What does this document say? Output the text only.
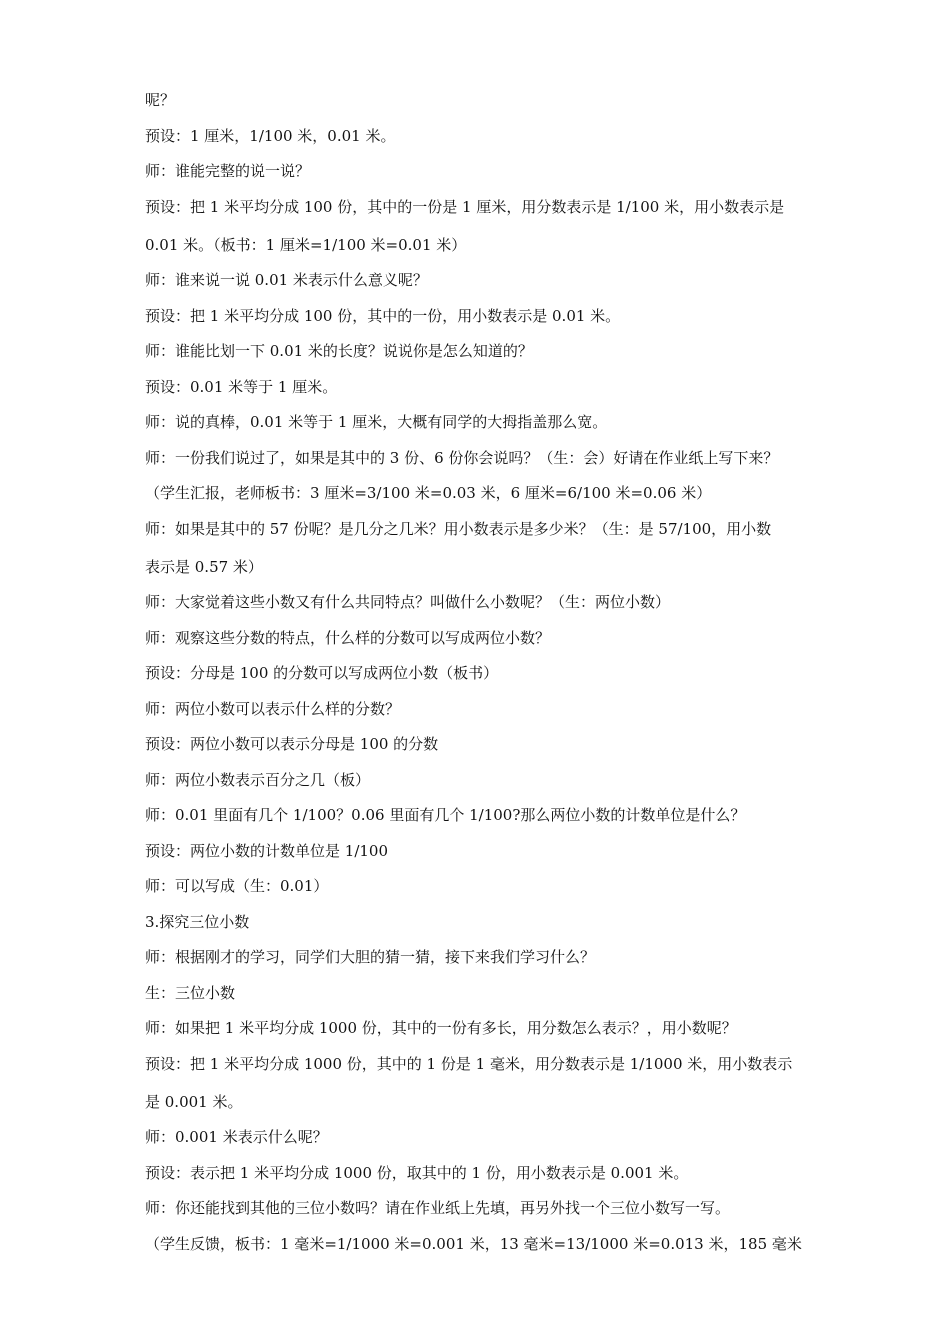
呢？
预设：1 厘米，1/100 米，0.01 米。
师：谁能完整的说一说？
预设：把 1 米平均分成 100 份，其中的一份是 1 厘米，用分数表示是 1/100 米，用小数表示是
0.01 米。（板书：1 厘米=1/100 米=0.01 米）
师：谁来说一说 0.01 米表示什么意义呢？
预设：把 1 米平均分成 100 份，其中的一份，用小数表示是 0.01 米。
师：谁能比划一下 0.01 米的长度？说说你是怎么知道的？
预设：0.01 米等于 1 厘米。
师：说的真棒，0.01 米等于 1 厘米，大概有同学的大拇指盖那么宽。
师：一份我们说过了，如果是其中的 3 份、6 份你会说吗？（生：会）好请在作业纸上写下来？
（学生汇报，老师板书：3 厘米=3/100 米=0.03 米，6 厘米=6/100 米=0.06 米）
师：如果是其中的 57 份呢？是几分之几米？用小数表示是多少米？（生：是 57/100，用小数
表示是 0.57 米）
师：大家觉着这些小数又有什么共同特点？叫做什么小数呢？（生：两位小数）
师：观察这些分数的特点，什么样的分数可以写成两位小数？
预设：分母是 100 的分数可以写成两位小数（板书）
师：两位小数可以表示什么样的分数？
预设：两位小数可以表示分母是 100 的分数
师：两位小数表示百分之几（板）
师：0.01 里面有几个 1/100？0.06 里面有几个 1/100?那么两位小数的计数单位是什么？
预设：两位小数的计数单位是 1/100
师：可以写成（生：0.01）
3.探究三位小数
师：根据刚才的学习，同学们大胆的猜一猜，接下来我们学习什么？
生：三位小数
师：如果把 1 米平均分成 1000 份，其中的一份有多长，用分数怎么表示？，用小数呢？
预设：把 1 米平均分成 1000 份，其中的 1 份是 1 毫米，用分数表示是 1/1000 米，用小数表示
是 0.001 米。
师：0.001 米表示什么呢？
预设：表示把 1 米平均分成 1000 份，取其中的 1 份，用小数表示是 0.001 米。
师：你还能找到其他的三位小数吗？请在作业纸上先填，再另外找一个三位小数写一写。
（学生反馈，板书：1 毫米=1/1000 米=0.001 米，13 毫米=13/1000 米=0.013 米，185 毫米
